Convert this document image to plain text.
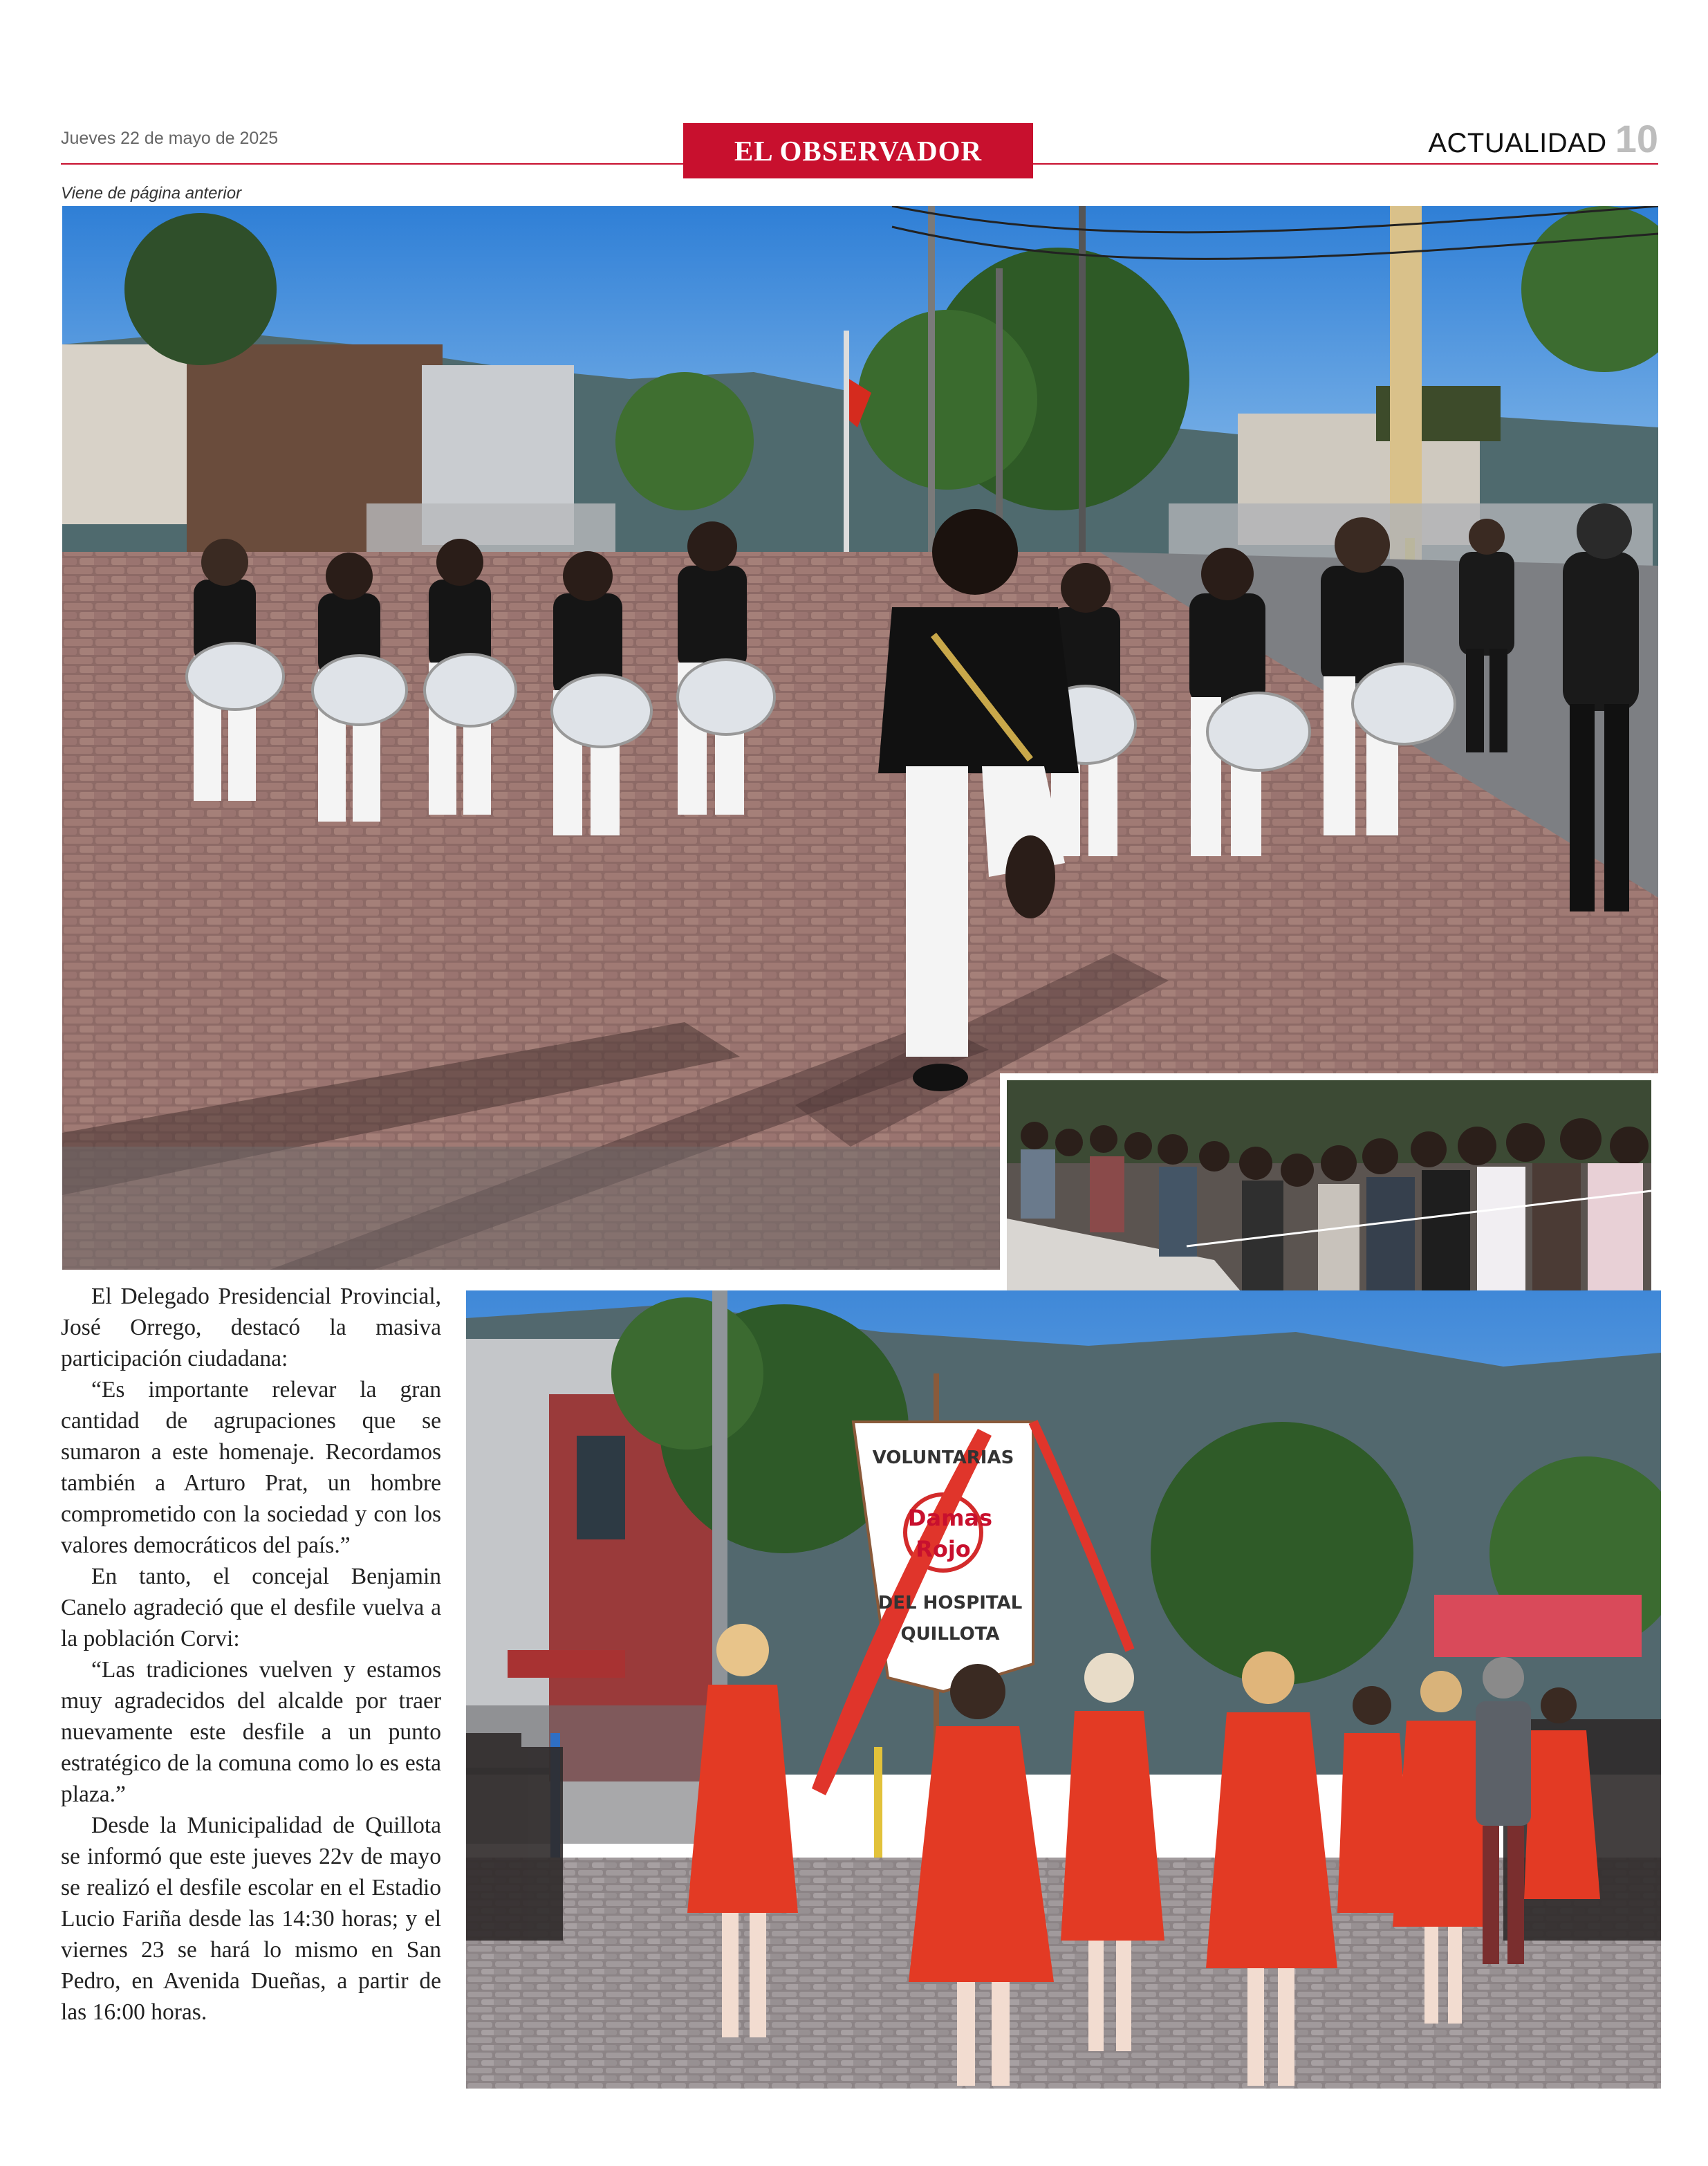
Jueves 22 de mayo de 2025	EL OBSERVADOR	ACTUALIDAD 10
Viene de página anterior
VOLUNTARIAS
Damas
Rojo
DEL HOSPITAL
QUILLOTA

El Delegado Presidencial Provincial, José Orrego, destacó la masiva participación ciudadana:

“Es importante relevar la gran cantidad de agrupaciones que se sumaron a este homenaje. Recordamos también a Arturo Prat, un hombre comprometido con la sociedad y con los valores democráticos del país.”

En tanto, el concejal Benjamin Canelo agradeció que el desfile vuelva a la población Corvi:

“Las tradiciones vuelven y estamos muy agradecidos del alcalde por traer nuevamente este desfile a un punto estratégico de la comuna como lo es esta plaza.”

Desde la Municipalidad de Quillota se informó que este jueves 22v de mayo se realizó el desfile escolar en el Estadio Lucio Fariña desde las 14:30 horas; y el viernes 23 se hará lo mismo en San Pedro, en Avenida Dueñas, a partir de las 16:00 horas.
